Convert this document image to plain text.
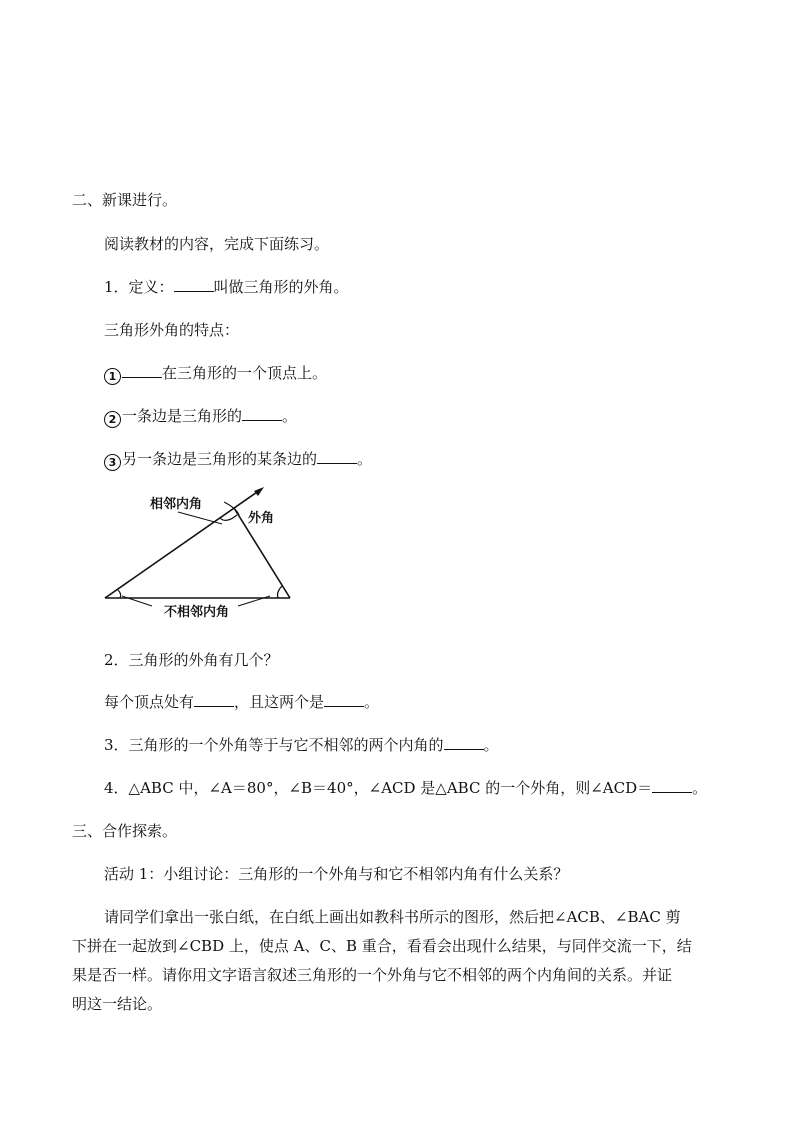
二、新课进行。
阅读教材的内容，完成下面练习。
1．定义：	叫做三角形的外角。
三角形外角的特点：
1	在三角形的一个顶点上。
2 一条边是三角形的	。
3 另一条边是三角形的某条边的	。
相邻内角
外角
不相邻内角
2．三角形的外角有几个？
每个顶点处有	，且这两个是	。
3．三角形的一个外角等于与它不相邻的两个内角的	。
4．△ABC 中，∠A＝80°，∠B＝40°，∠ACD 是△ABC 的一个外角，则∠ACD＝	。
三、合作探索。
活动 1：小组讨论：三角形的一个外角与和它不相邻内角有什么关系？
请同学们拿出一张白纸，在白纸上画出如教科书所示的图形，然后把∠ACB、∠BAC 剪
下拼在一起放到∠CBD 上，使点 A、C、B 重合，看看会出现什么结果，与同伴交流一下，结
果是否一样。请你用文字语言叙述三角形的一个外角与它不相邻的两个内角间的关系。并证
明这一结论。
